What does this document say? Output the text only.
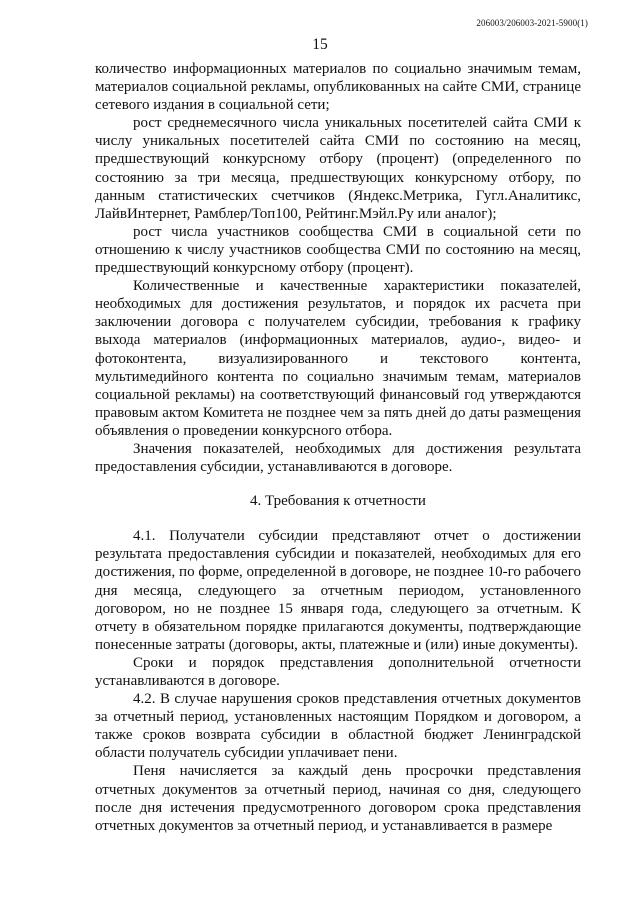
206003/206003-2021-5900(1)
15

количество информационных материалов по социально значимым темам, материалов социальной рекламы, опубликованных на сайте СМИ, странице сетевого издания в социальной сети;

рост среднемесячного числа уникальных посетителей сайта СМИ к числу уникальных посетителей сайта СМИ по состоянию на месяц, предшествующий конкурсному отбору (процент) (определенного по состоянию за три месяца, предшествующих конкурсному отбору, по данным статистических счетчиков (Яндекс.Метрика, Гугл.Аналитикс, ЛайвИнтернет, Рамблер/Топ100, Рейтинг.Мэйл.Ру или аналог);

рост числа участников сообщества СМИ в социальной сети по отношению к числу участников сообщества СМИ по состоянию на месяц, предшествующий конкурсному отбору (процент).

Количественные и качественные характеристики показателей, необходимых для достижения результатов, и порядок их расчета при заключении договора с получателем субсидии, требования к графику выхода материалов (информационных материалов, аудио-, видео- и фотоконтента, визуализированного и текстового контента, мультимедийного контента по социально значимым темам, материалов социальной рекламы) на соответствующий финансовый год утверждаются правовым актом Комитета не позднее чем за пять дней до даты размещения объявления о проведении конкурсного отбора.

Значения показателей, необходимых для достижения результата предоставления субсидии, устанавливаются в договоре.

4. Требования к отчетности

4.1. Получатели субсидии представляют отчет о достижении результата предоставления субсидии и показателей, необходимых для его достижения, по форме, определенной в договоре, не позднее 10-го рабочего дня месяца, следующего за отчетным периодом, установленного договором, но не позднее 15 января года, следующего за отчетным. К отчету в обязательном порядке прилагаются документы, подтверждающие понесенные затраты (договоры, акты, платежные и (или) иные документы).

Сроки и порядок представления дополнительной отчетности устанавливаются в договоре.

4.2. В случае нарушения сроков представления отчетных документов за отчетный период, установленных настоящим Порядком и договором, а также сроков возврата субсидии в областной бюджет Ленинградской области получатель субсидии уплачивает пени.

Пеня начисляется за каждый день просрочки представления отчетных документов за отчетный период, начиная со дня, следующего после дня истечения предусмотренного договором срока представления отчетных документов за отчетный период, и устанавливается в размере
